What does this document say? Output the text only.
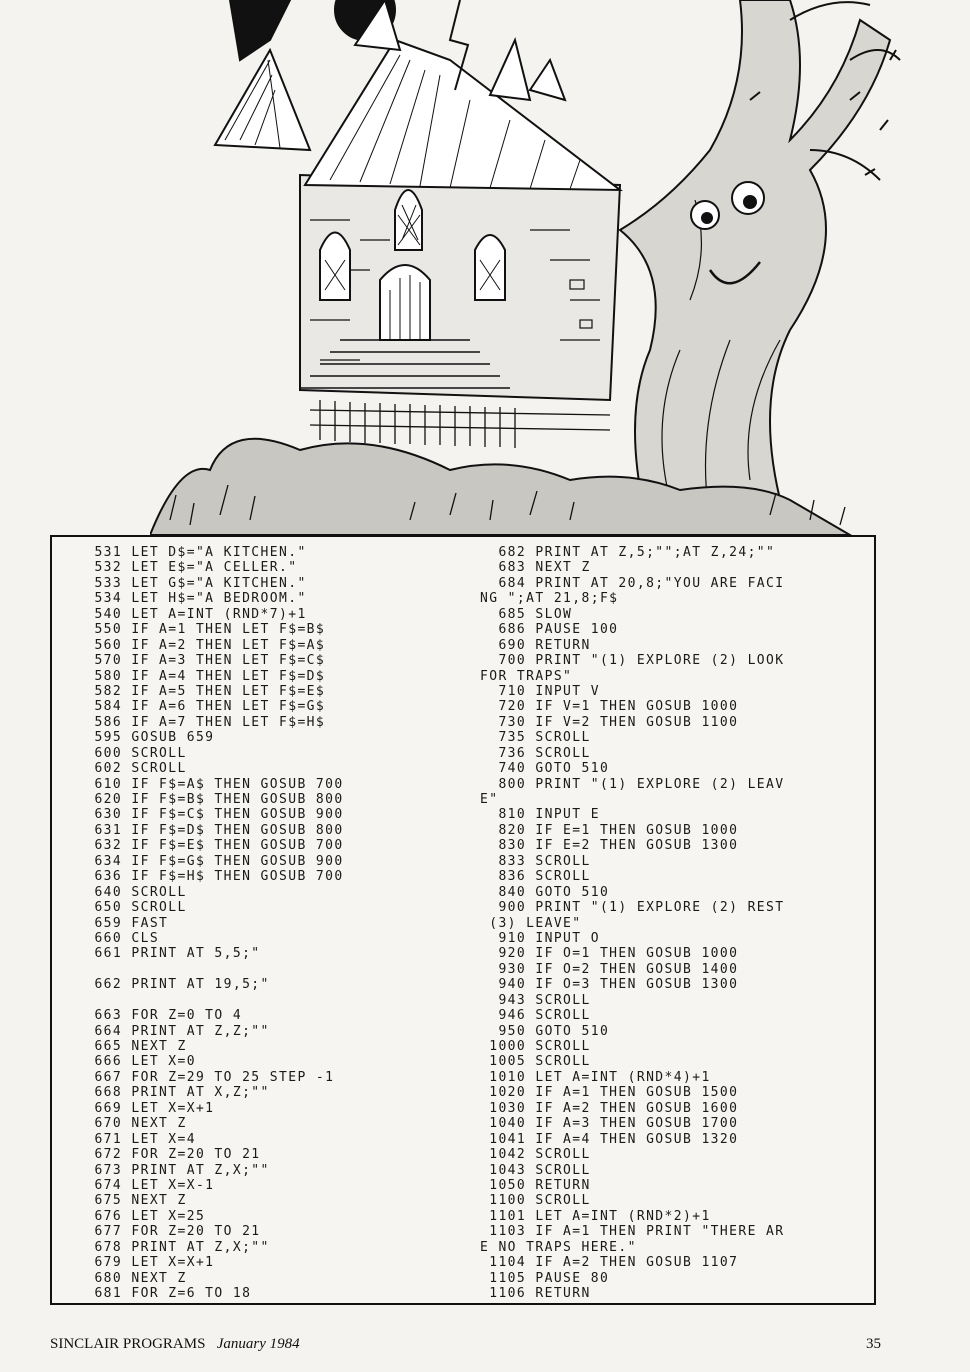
531 LET D$="A KITCHEN."
532 LET E$="A CELLER."
533 LET G$="A KITCHEN."
534 LET H$="A BEDROOM."
540 LET A=INT (RND*7)+1
550 IF A=1 THEN LET F$=B$
560 IF A=2 THEN LET F$=A$
570 IF A=3 THEN LET F$=C$
580 IF A=4 THEN LET F$=D$
582 IF A=5 THEN LET F$=E$
584 IF A=6 THEN LET F$=G$
586 IF A=7 THEN LET F$=H$
595 GOSUB 659
600 SCROLL
602 SCROLL
610 IF F$=A$ THEN GOSUB 700
620 IF F$=B$ THEN GOSUB 800
630 IF F$=C$ THEN GOSUB 900
631 IF F$=D$ THEN GOSUB 800
632 IF F$=E$ THEN GOSUB 700
634 IF F$=G$ THEN GOSUB 900
636 IF F$=H$ THEN GOSUB 700
640 SCROLL
650 SCROLL
659 FAST
660 CLS
661 PRINT AT 5,5;"
662 PRINT AT 19,5;"
663 FOR Z=0 TO 4
664 PRINT AT Z,Z;""
665 NEXT Z
666 LET X=0
667 FOR Z=29 TO 25 STEP -1
668 PRINT AT X,Z;""
669 LET X=X+1
670 NEXT Z
671 LET X=4
672 FOR Z=20 TO 21
673 PRINT AT Z,X;""
674 LET X=X-1
675 NEXT Z
676 LET X=25
677 FOR Z=20 TO 21
678 PRINT AT Z,X;""
679 LET X=X+1
680 NEXT Z
681 FOR Z=6 TO 18
682 PRINT AT Z,5;"";AT Z,24;""
683 NEXT Z
684 PRINT AT 20,8;"YOU ARE FACI
NG ";AT 21,8;F$
685 SLOW
686 PAUSE 100
690 RETURN
700 PRINT "(1) EXPLORE (2) LOOK
FOR TRAPS"
710 INPUT V
720 IF V=1 THEN GOSUB 1000
730 IF V=2 THEN GOSUB 1100
735 SCROLL
736 SCROLL
740 GOTO 510
800 PRINT "(1) EXPLORE (2) LEAV
E"
810 INPUT E
820 IF E=1 THEN GOSUB 1000
830 IF E=2 THEN GOSUB 1300
833 SCROLL
836 SCROLL
840 GOTO 510
900 PRINT "(1) EXPLORE (2) REST
(3) LEAVE"
910 INPUT O
920 IF O=1 THEN GOSUB 1000
930 IF O=2 THEN GOSUB 1400
940 IF O=3 THEN GOSUB 1300
943 SCROLL
946 SCROLL
950 GOTO 510
1000 SCROLL
1005 SCROLL
1010 LET A=INT (RND*4)+1
1020 IF A=1 THEN GOSUB 1500
1030 IF A=2 THEN GOSUB 1600
1040 IF A=3 THEN GOSUB 1700
1041 IF A=4 THEN GOSUB 1320
1042 SCROLL
1043 SCROLL
1050 RETURN
1100 SCROLL
1101 LET A=INT (RND*2)+1
1103 IF A=1 THEN PRINT "THERE AR
E NO TRAPS HERE."
1104 IF A=2 THEN GOSUB 1107
1105 PAUSE 80
1106 RETURN
SINCLAIR PROGRAMS January 1984	35
